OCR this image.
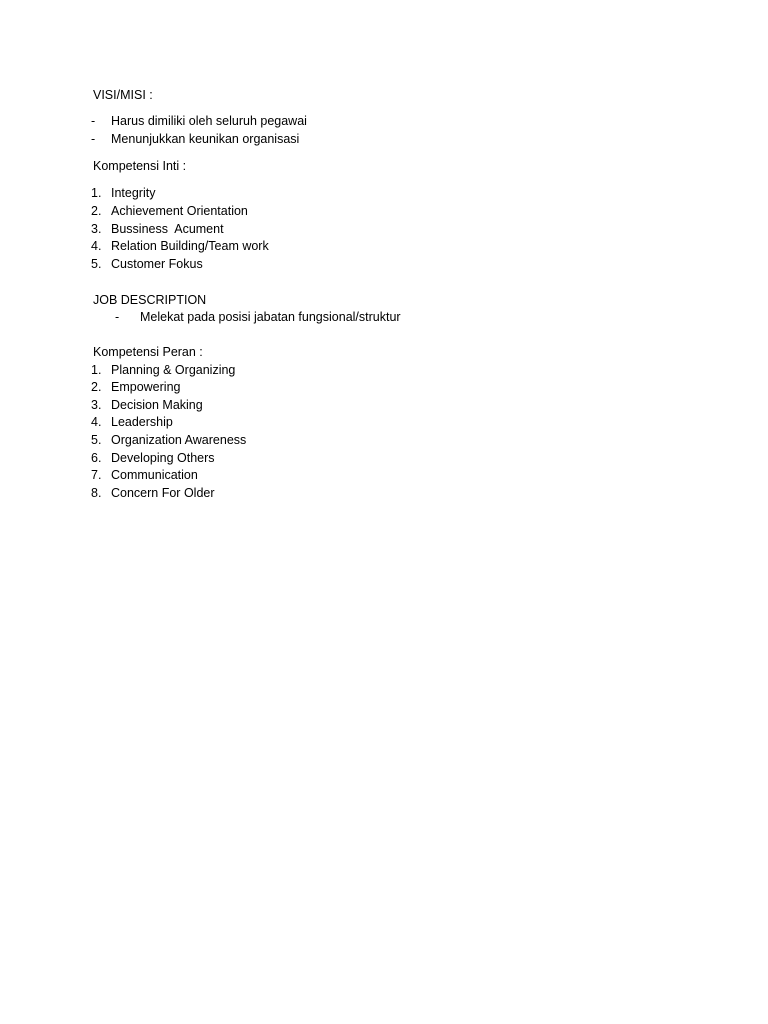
VISI/MISI :
- Harus dimiliki oleh seluruh pegawai
- Menunjukkan keunikan organisasi
Kompetensi Inti :
1. Integrity
2. Achievement Orientation
3. Bussiness  Acument
4. Relation Building/Team work
5. Customer Fokus
JOB DESCRIPTION
- Melekat pada posisi jabatan fungsional/struktur
Kompetensi Peran :
1. Planning & Organizing
2. Empowering
3. Decision Making
4. Leadership
5. Organization Awareness
6. Developing Others
7. Communication
8. Concern For Older
